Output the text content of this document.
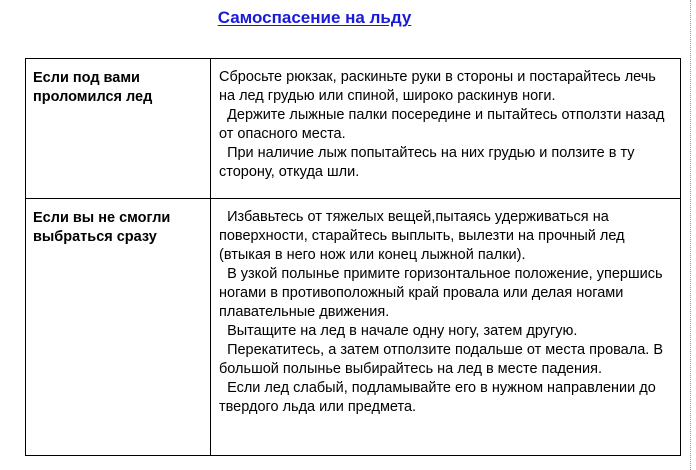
Самоспасение на льду
Если под вами проломился лед	Сбросьте рюкзак, раскиньте руки в стороны и постарайтесь лечь на лед грудью или спиной, широко раскинув ноги.

Держите лыжные палки посередине и пытайтесь отползти назад от опасного места.

При наличие лыж попытайтесь на них грудью и ползите в ту сторону, откуда шли.

Если вы не смогли выбраться сразу	Избавьтесь от тяжелых вещей,пытаясь удерживаться на поверхности, старайтесь выплыть, вылезти на прочный лед (втыкая в него нож или конец лыжной палки).

В узкой полынье примите горизонтальное положение, упершись ногами в противоположный край провала или делая ногами плавательные движения.

Вытащите на лед в начале одну ногу, затем другую.

Перекатитесь, а затем отползите подальше от места провала. В большой полынье выбирайтесь на лед в месте падения.

Если лед слабый, подламывайте его в нужном направлении до твердого льда или предмета.
